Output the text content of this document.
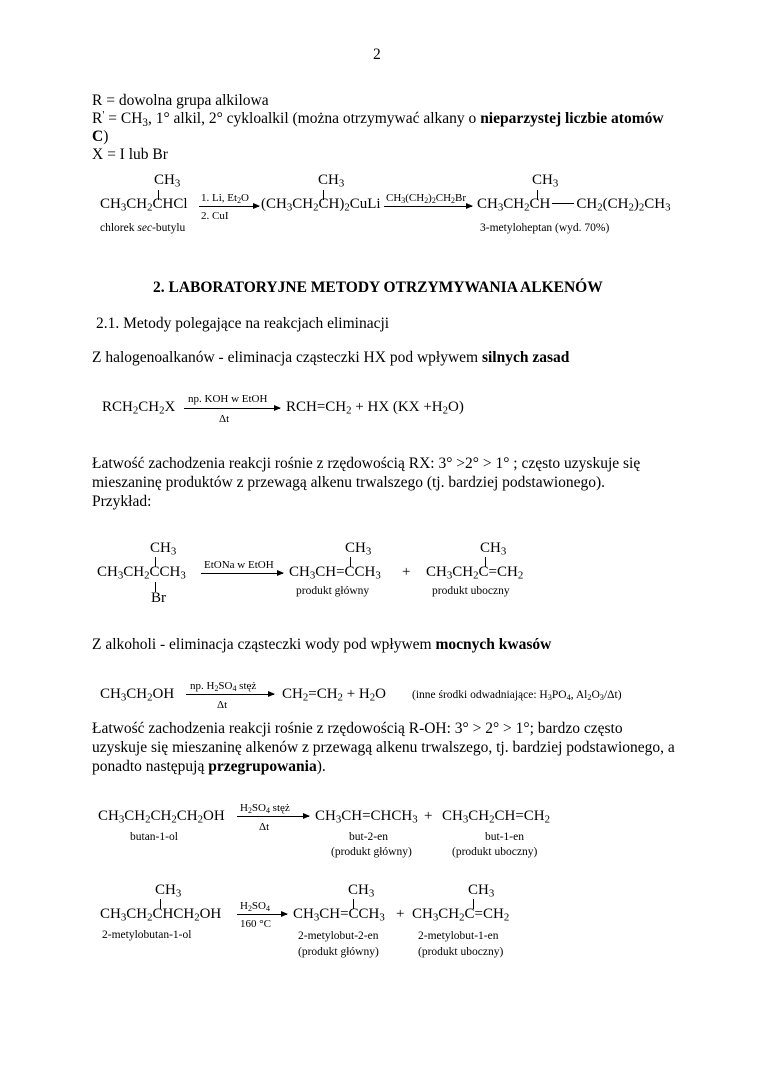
2
R = dowolna grupa alkilowa
$R' = CH_3$, 1° alkil, 2° cykloalkil (można otrzymywać alkany o nieparzystej liczbie atomów
C)
X = I lub Br
$CH_3$
$CH_3CH_2CHCl$
chlorek sec-butylu
1. Li, $Et_2O$
2. CuI
$CH_3$
$(CH_3CH_2CH)_2CuLi$ $CH_3(CH_2)_2CH_2Br$
$CH_3$
$CH_3CH_2CH$ $CH_2(CH_2)_2CH_3$
3-metyloheptan (wyd. 70%)
2. LABORATORYJNE METODY OTRZYMYWANIA ALKENÓW
2.1. Metody polegające na reakcjach eliminacji
Z halogenoalkanów - eliminacja cząsteczki HX pod wpływem silnych zasad
$RCH_2CH_2X$ np. KOH w EtOH
Δt
$RCH=CH_2$ + HX $(KX +H_2O)$
Łatwość zachodzenia reakcji rośnie z rzędowością RX: 3° >2° > 1° ; często uzyskuje się
mieszaninę produktów z przewagą alkenu trwalszego (tj. bardziej podstawionego).
Przykład:
$CH_3$
$CH_3CH_2CCH_3$
Br
EtONa w EtOH
$CH_3$
$CH_3CH=CCH_3$
produkt główny
+
$CH_3$
$CH_3CH_2C=CH_2$
produkt uboczny
Z alkoholi - eliminacja cząsteczki wody pod wpływem mocnych kwasów
$CH_3CH_2OH$ np. $H_2SO_4$ stęż
Δt
$CH_2=CH_2 + H_2O$ (inne środki odwadniające: $H_3PO_4$, $Al_2O_3/\Delta t$)
Łatwość zachodzenia reakcji rośnie z rzędowością R-OH: 3° > 2° > 1°; bardzo często
uzyskuje się mieszaninę alkenów z przewagą alkenu trwalszego, tj. bardziej podstawionego, a
ponadto następują przegrupowania).
$CH_3CH_2CH_2CH_2OH$
butan-1-ol
$H_2SO_4$ stęż
Δt
$CH_3CH=CHCH_3$
but-2-en
(produkt główny)
+ $CH_3CH_2CH=CH_2$
but-1-en
(produkt uboczny)
$CH_3$
$CH_3CH_2CHCH_2OH$
2-metylobutan-1-ol
$H_2SO_4$
160 °C
$CH_3$
$CH_3CH=CCH_3$
2-metylobut-2-en
(produkt główny)
+
$CH_3$
$CH_3CH_2C=CH_2$
2-metylobut-1-en
(produkt uboczny)
